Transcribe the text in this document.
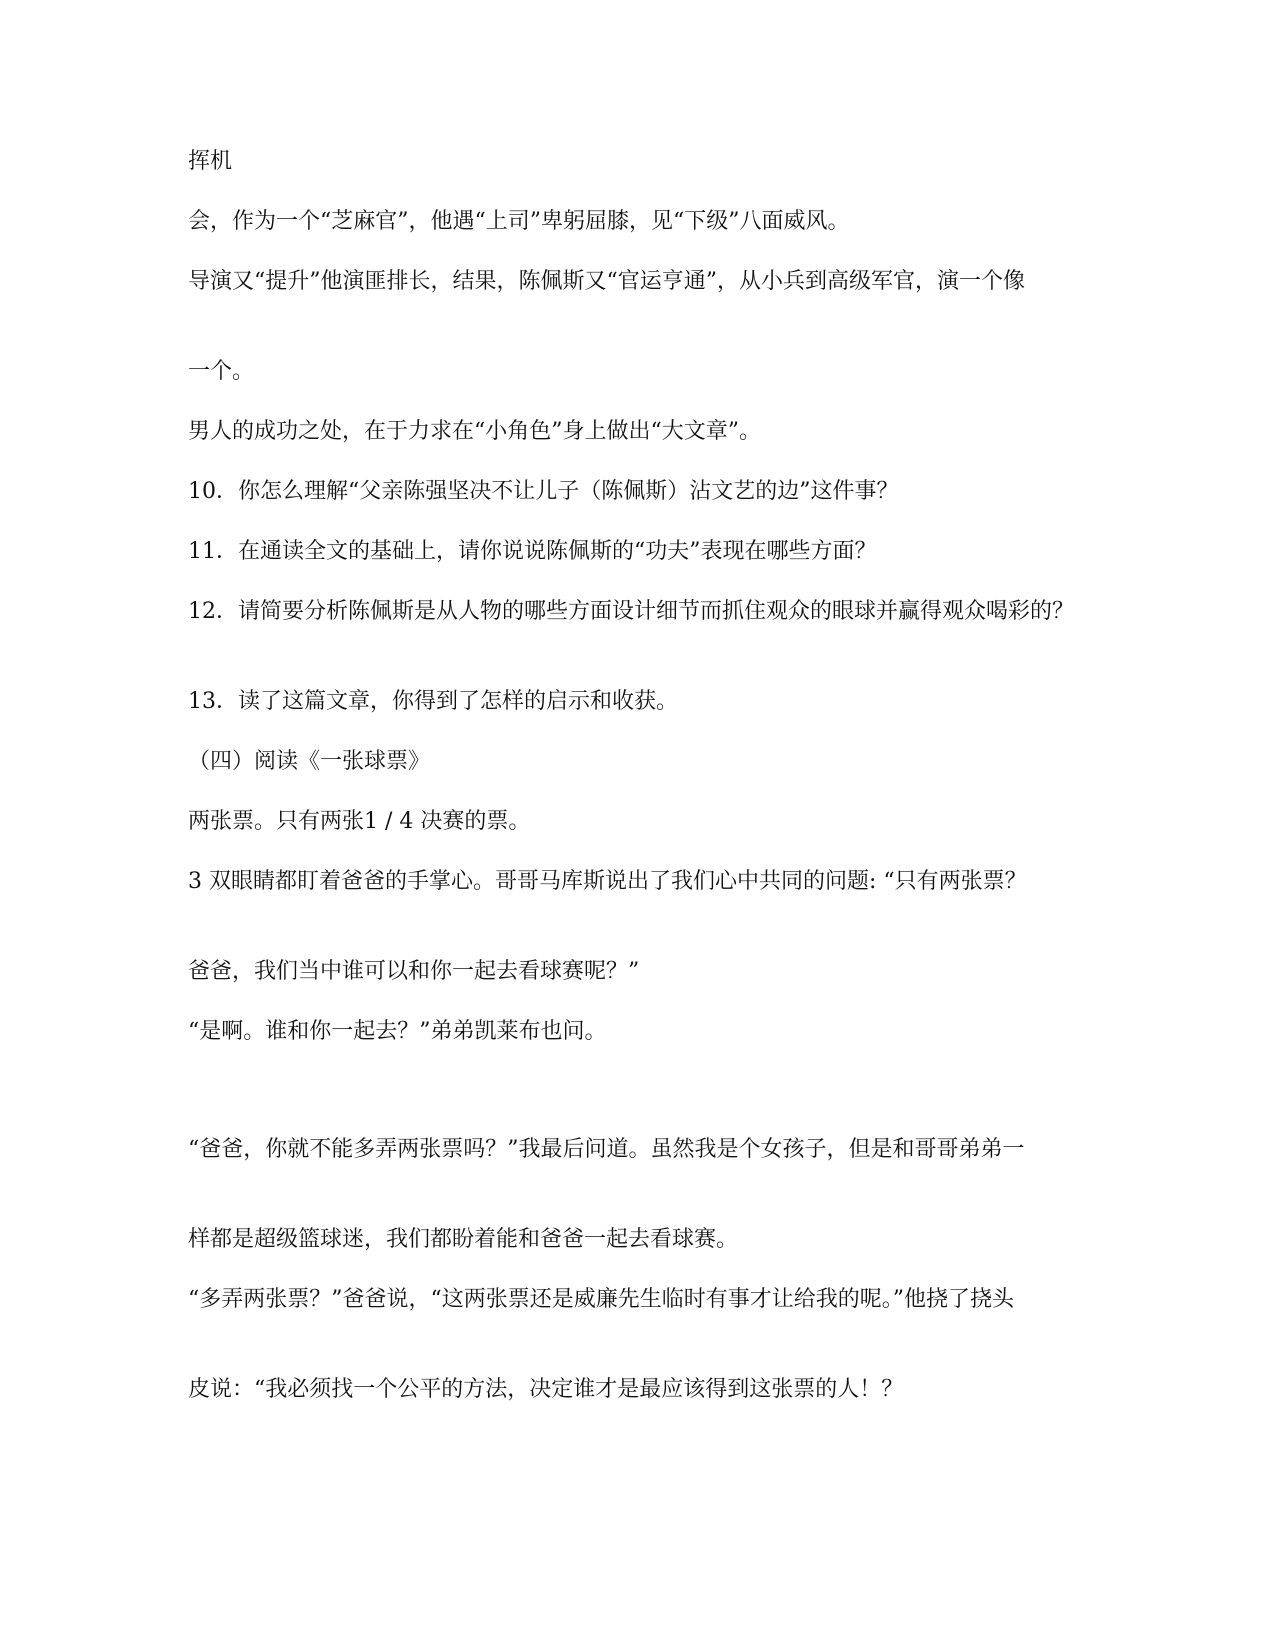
挥机

会，作为一个“芝麻官”，他遇“上司”卑躬屈膝，见“下级”八面威风。

导演又“提升”他演匪排长，结果，陈佩斯又“官运亨通”，从小兵到高级军官，演一个像

一个。

男人的成功之处，在于力求在“小角色”身上做出“大文章”。

10．你怎么理解“父亲陈强坚决不让儿子（陈佩斯）沾文艺的边”这件事？

11．在通读全文的基础上，请你说说陈佩斯的“功夫”表现在哪些方面？

12．请简要分析陈佩斯是从人物的哪些方面设计细节而抓住观众的眼球并赢得观众喝彩的？

13．读了这篇文章，你得到了怎样的启示和收获。

（四）阅读《一张球票》

两张票。只有两张1 / 4 决赛的票。

3 双眼睛都盯着爸爸的手掌心。哥哥马库斯说出了我们心中共同的问题: “只有两张票？

爸爸，我们当中谁可以和你一起去看球赛呢？”

“是啊。谁和你一起去？”弟弟凯莱布也问。

“爸爸，你就不能多弄两张票吗？”我最后问道。虽然我是个女孩子，但是和哥哥弟弟一

样都是超级篮球迷，我们都盼着能和爸爸一起去看球赛。

“多弄两张票？”爸爸说，“这两张票还是威廉先生临时有事才让给我的呢。”他挠了挠头

皮说：“我必须找一个公平的方法，决定谁才是最应该得到这张票的人！？
